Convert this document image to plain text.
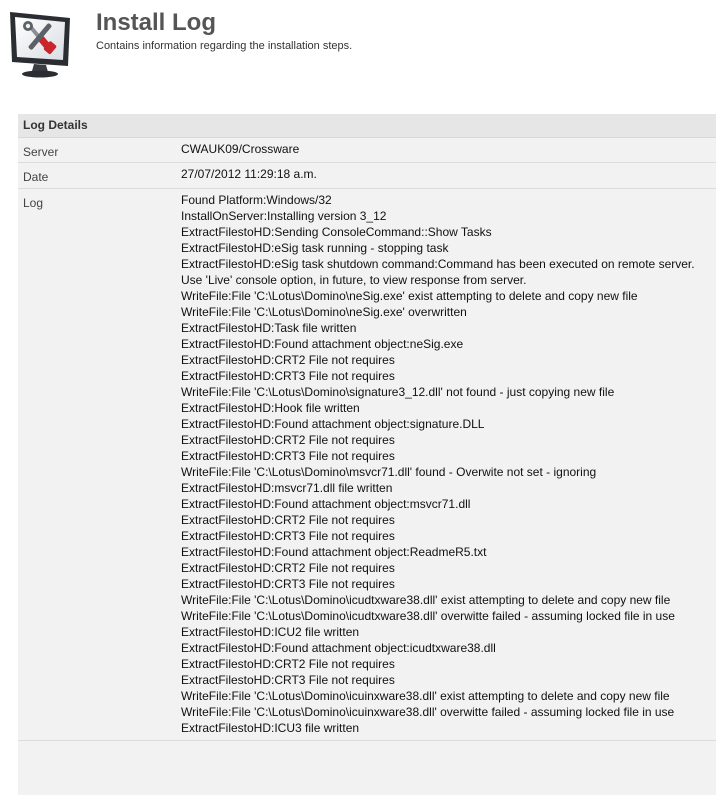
Install Log
Contains information regarding the installation steps.
Log Details
Server	CWAUK09/Crossware
Date	27/07/2012 11:29:18 a.m.
Log	Found Platform:Windows/32
InstallOnServer:Installing version 3_12
ExtractFilestoHD:Sending ConsoleCommand::Show Tasks
ExtractFilestoHD:eSig task running - stopping task
ExtractFilestoHD:eSig task shutdown command:Command has been executed on remote server. Use 'Live' console option, in future, to view response from server.
WriteFile:File 'C:\Lotus\Domino\neSig.exe' exist attempting to delete and copy new file
WriteFile:File 'C:\Lotus\Domino\neSig.exe' overwritten
ExtractFilestoHD:Task file written
ExtractFilestoHD:Found attachment object:neSig.exe
ExtractFilestoHD:CRT2 File not requires
ExtractFilestoHD:CRT3 File not requires
WriteFile:File 'C:\Lotus\Domino\signature3_12.dll' not found - just copying new file
ExtractFilestoHD:Hook file written
ExtractFilestoHD:Found attachment object:signature.DLL
ExtractFilestoHD:CRT2 File not requires
ExtractFilestoHD:CRT3 File not requires
WriteFile:File 'C:\Lotus\Domino\msvcr71.dll' found - Overwite not set - ignoring
ExtractFilestoHD:msvcr71.dll file written
ExtractFilestoHD:Found attachment object:msvcr71.dll
ExtractFilestoHD:CRT2 File not requires
ExtractFilestoHD:CRT3 File not requires
ExtractFilestoHD:Found attachment object:ReadmeR5.txt
ExtractFilestoHD:CRT2 File not requires
ExtractFilestoHD:CRT3 File not requires
WriteFile:File 'C:\Lotus\Domino\icudtxware38.dll' exist attempting to delete and copy new file
WriteFile:File 'C:\Lotus\Domino\icudtxware38.dll' overwitte failed - assuming locked file in use
ExtractFilestoHD:ICU2 file written
ExtractFilestoHD:Found attachment object:icudtxware38.dll
ExtractFilestoHD:CRT2 File not requires
ExtractFilestoHD:CRT3 File not requires
WriteFile:File 'C:\Lotus\Domino\icuinxware38.dll' exist attempting to delete and copy new file
WriteFile:File 'C:\Lotus\Domino\icuinxware38.dll' overwitte failed - assuming locked file in use
ExtractFilestoHD:ICU3 file written
